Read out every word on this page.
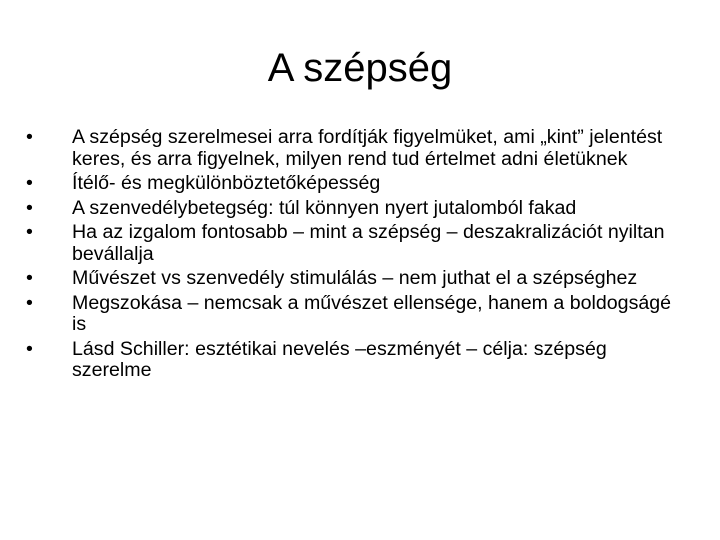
A szépség
•	A szépség szerelmesei arra fordítják figyelmüket, ami „kint” jelentést keres, és arra figyelnek, milyen rend tud értelmet adni életüknek
•	Ítélő- és megkülönböztetőképesség
•	A szenvedélybetegség: túl könnyen nyert jutalomból fakad
•	Ha az izgalom fontosabb – mint a szépség – deszakralizációt nyiltan bevállalja
•	Művészet vs szenvedély stimulálás – nem juthat el a szépséghez
•	Megszokása – nemcsak a művészet ellensége, hanem a boldogságé is
•	Lásd Schiller: esztétikai nevelés –eszményét – célja: szépség szerelme
